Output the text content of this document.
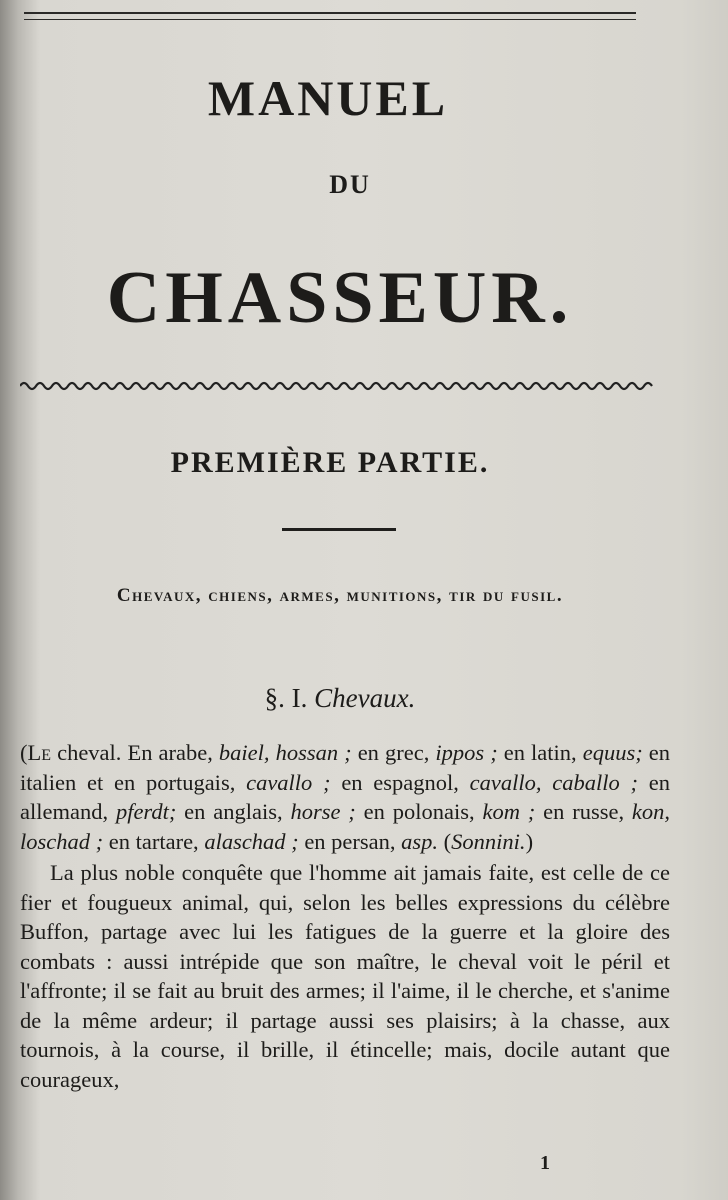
MANUEL
DU
CHASSEUR.
PREMIÈRE PARTIE.
Chevaux, chiens, armes, munitions, tir du fusil.
§. I. Chevaux.

(Le cheval. En arabe, baiel, hossan ; en grec, ippos ; en latin, equus; en italien et en portugais, cavallo ; en espagnol, cavallo, caballo ; en allemand, pferdt; en anglais, horse ; en polonais, kom ; en russe, kon, loschad ; en tartare, alaschad ; en persan, asp. (Sonnini.)

La plus noble conquête que l'homme ait jamais faite, est celle de ce fier et fougueux animal, qui, selon les belles expressions du célèbre Buffon, partage avec lui les fatigues de la guerre et la gloire des combats : aussi intrépide que son maître, le cheval voit le péril et l'affronte; il se fait au bruit des armes; il l'aime, il le cherche, et s'anime de la même ardeur; il partage aussi ses plaisirs; à la chasse, aux tournois, à la course, il brille, il étincelle; mais, docile autant que courageux,

1
